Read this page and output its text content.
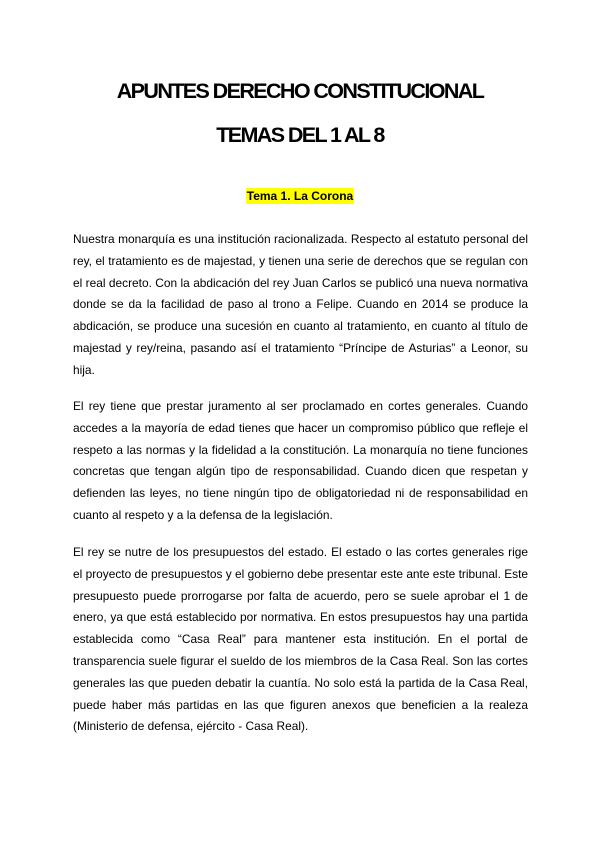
APUNTES DERECHO CONSTITUCIONAL
TEMAS DEL 1 AL 8
Tema 1. La Corona

Nuestra monarquía es una institución racionalizada. Respecto al estatuto personal del rey, el tratamiento es de majestad, y tienen una serie de derechos que se regulan con el real decreto. Con la abdicación del rey Juan Carlos se publicó una nueva normativa donde se da la facilidad de paso al trono a Felipe. Cuando en 2014 se produce la abdicación, se produce una sucesión en cuanto al tratamiento, en cuanto al título de majestad y rey/reina, pasando así el tratamiento “Príncipe de Asturias” a Leonor, su hija.

El rey tiene que prestar juramento al ser proclamado en cortes generales. Cuando accedes a la mayoría de edad tienes que hacer un compromiso público que refleje el respeto a las normas y la fidelidad a la constitución. La monarquía no tiene funciones concretas que tengan algún tipo de responsabilidad. Cuando dicen que respetan y defienden las leyes, no tiene ningún tipo de obligatoriedad ni de responsabilidad en cuanto al respeto y a la defensa de la legislación.

El rey se nutre de los presupuestos del estado. El estado o las cortes generales rige el proyecto de presupuestos y el gobierno debe presentar este ante este tribunal. Este presupuesto puede prorrogarse por falta de acuerdo, pero se suele aprobar el 1 de enero, ya que está establecido por normativa. En estos presupuestos hay una partida establecida como “Casa Real” para mantener esta institución. En el portal de transparencia suele figurar el sueldo de los miembros de la Casa Real. Son las cortes generales las que pueden debatir la cuantía. No solo está la partida de la Casa Real, puede haber más partidas en las que figuren anexos que beneficien a la realeza (Ministerio de defensa, ejército - Casa Real).
